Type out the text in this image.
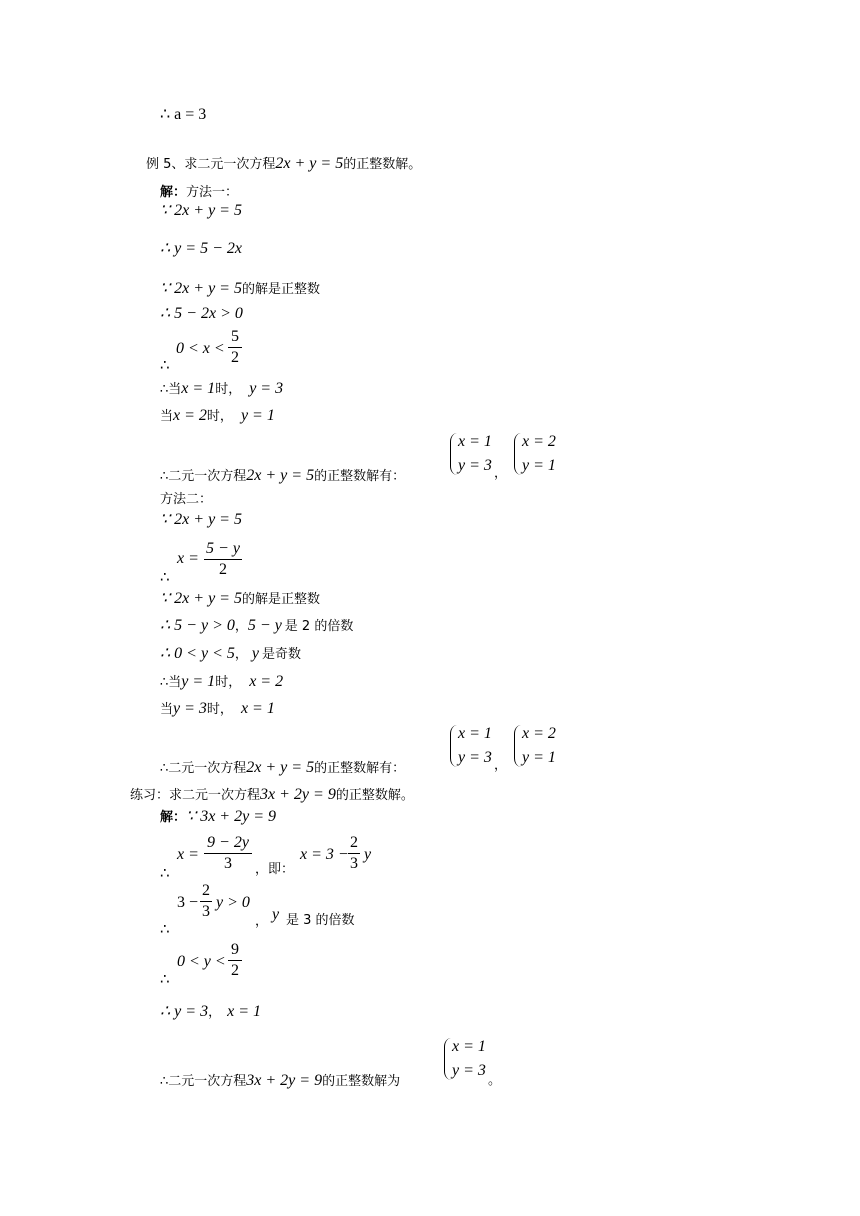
∴ a = 3
例 5、求二元一次方程2x + y = 5的正整数解。
解：方法一：
∵ 2x + y = 5
∴ y = 5 − 2x
∵ 2x + y = 5的解是正整数
∴ 5 − 2x > 0
∴
0 < x <
5
2
∴当x = 1时， y = 3
当x = 2时， y = 1
∴二元一次方程2x + y = 5的正整数解有：
x = 1
y = 3 ，
x = 2
y = 1
方法二：
∵ 2x + y = 5
∴
x =
5 − y
2
∵ 2x + y = 5的解是正整数
∴ 5 − y > 0，5 − y 是 2 的倍数
∴ 0 < y < 5， y 是奇数
∴当y = 1时， x = 2
当y = 3时， x = 1
∴二元一次方程2x + y = 5的正整数解有：
x = 1
y = 3 ，
x = 2
y = 1
练习：求二元一次方程3x + 2y = 9的正整数解。
解：∵ 3x + 2y = 9
∴
x =
9 − 2y
3	，即：
x = 3 −
2
3
y
∴
3 −
2
3
y > 0
， y 是 3 的倍数
∴
0 < y <
9
2
∴ y = 3， x = 1
∴二元一次方程3x + 2y = 9的正整数解为
x = 1
y = 3
。
